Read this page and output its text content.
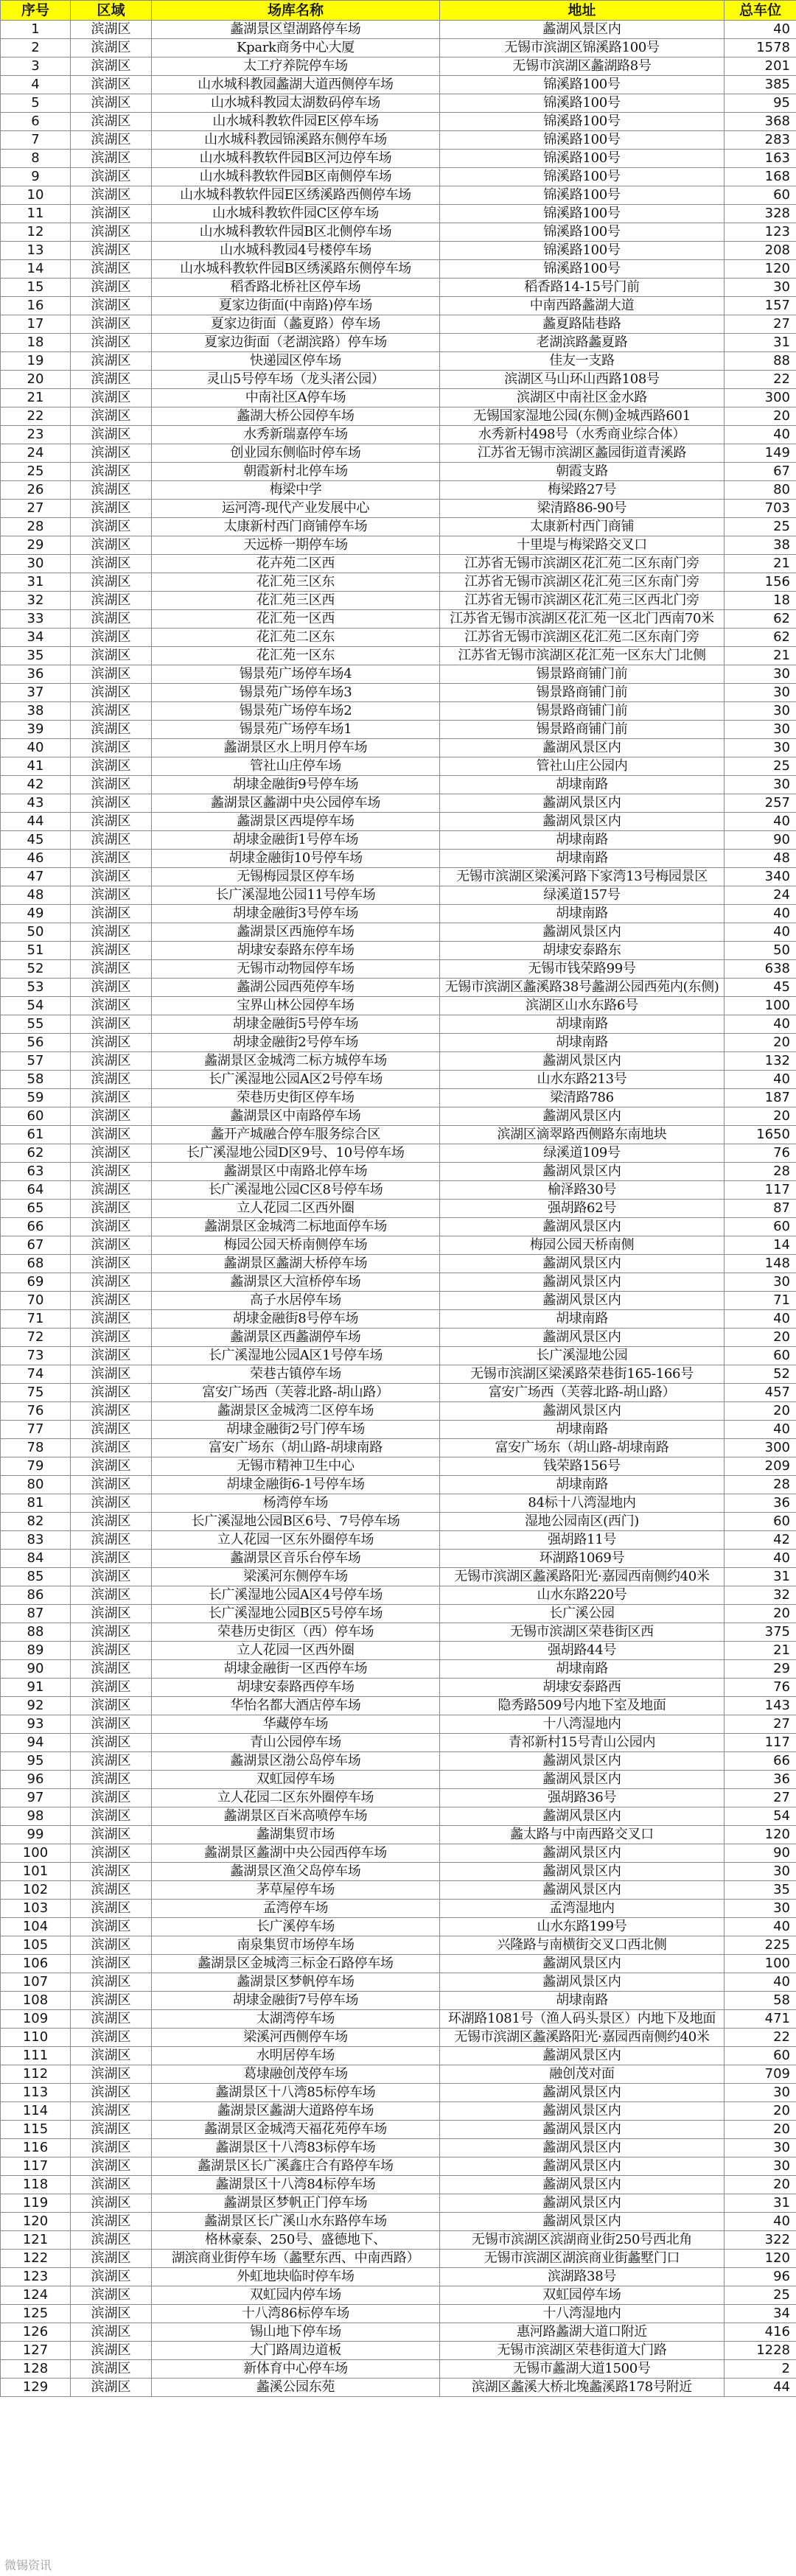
序号	区域	场库名称	地址	总车位
1	滨湖区	蠡湖景区望湖路停车场	蠡湖风景区内	40
2	滨湖区	Kpark商务中心大厦	无锡市滨湖区锦溪路100号	1578
3	滨湖区	太工疗养院停车场	无锡市滨湖区蠡湖路8号	201
4	滨湖区	山水城科教园蠡湖大道西侧停车场	锦溪路100号	385
5	滨湖区	山水城科教园太湖数码停车场	锦溪路100号	95
6	滨湖区	山水城科教软件园E区停车场	锦溪路100号	368
7	滨湖区	山水城科教园锦溪路东侧停车场	锦溪路100号	283
8	滨湖区	山水城科教软件园B区河边停车场	锦溪路100号	163
9	滨湖区	山水城科教软件园B区南侧停车场	锦溪路100号	168
10	滨湖区	山水城科教软件园E区绣溪路西侧停车场	锦溪路100号	60
11	滨湖区	山水城科教软件园C区停车场	锦溪路100号	328
12	滨湖区	山水城科教软件园B区北侧停车场	锦溪路100号	123
13	滨湖区	山水城科教园4号楼停车场	锦溪路100号	208
14	滨湖区	山水城科教软件园B区绣溪路东侧停车场	锦溪路100号	120
15	滨湖区	稻香路北桥社区停车场	稻香路14-15号门前	30
16	滨湖区	夏家边街面(中南路)停车场	中南西路蠡湖大道	157
17	滨湖区	夏家边街面（蠡夏路）停车场	蠡夏路陆巷路	27
18	滨湖区	夏家边街面（老湖滨路）停车场	老湖滨路蠡夏路	31
19	滨湖区	快递园区停车场	佳友一支路	88
20	滨湖区	灵山5号停车场（龙头渚公园）	滨湖区马山环山西路108号	22
21	滨湖区	中南社区A停车场	滨湖区中南社区金水路	300
22	滨湖区	蠡湖大桥公园停车场	无锡国家湿地公园(东侧)金城西路601	20
23	滨湖区	水秀新瑞嘉停车场	水秀新村498号（水秀商业综合体）	40
24	滨湖区	创业园东侧临时停车场	江苏省无锡市滨湖区蠡园街道青溪路	149
25	滨湖区	朝霞新村北停车场	朝霞支路	67
26	滨湖区	梅梁中学	梅梁路27号	80
27	滨湖区	运河湾-现代产业发展中心	梁清路86-90号	703
28	滨湖区	太康新村西门商铺停车场	太康新村西门商铺	25
29	滨湖区	天远桥一期停车场	十里堤与梅梁路交叉口	38
30	滨湖区	花卉苑二区西	江苏省无锡市滨湖区花汇苑二区东南门旁	21
31	滨湖区	花汇苑三区东	江苏省无锡市滨湖区花汇苑三区东南门旁	156
32	滨湖区	花汇苑三区西	江苏省无锡市滨湖区花汇苑三区西北门旁	18
33	滨湖区	花汇苑一区西	江苏省无锡市滨湖区花汇苑一区北门西南70米	62
34	滨湖区	花汇苑二区东	江苏省无锡市滨湖区花汇苑二区东南门旁	62
35	滨湖区	花汇苑一区东	江苏省无锡市滨湖区花汇苑一区东大门北侧	21
36	滨湖区	锡景苑广场停车场4	锡景路商铺门前	30
37	滨湖区	锡景苑广场停车场3	锡景路商铺门前	30
38	滨湖区	锡景苑广场停车场2	锡景路商铺门前	30
39	滨湖区	锡景苑广场停车场1	锡景路商铺门前	30
40	滨湖区	蠡湖景区水上明月停车场	蠡湖风景区内	30
41	滨湖区	管社山庄停车场	管社山庄公园内	25
42	滨湖区	胡埭金融街9号停车场	胡埭南路	30
43	滨湖区	蠡湖景区蠡湖中央公园停车场	蠡湖风景区内	257
44	滨湖区	蠡湖景区西堤停车场	蠡湖风景区内	40
45	滨湖区	胡埭金融街1号停车场	胡埭南路	90
46	滨湖区	胡埭金融街10号停车场	胡埭南路	48
47	滨湖区	无锡梅园景区停车场	无锡市滨湖区梁溪河路下家湾13号梅园景区	340
48	滨湖区	长广溪湿地公园11号停车场	绿溪道157号	24
49	滨湖区	胡埭金融街3号停车场	胡埭南路	40
50	滨湖区	蠡湖景区西施停车场	蠡湖风景区内	40
51	滨湖区	胡埭安泰路东停车场	胡埭安泰路东	50
52	滨湖区	无锡市动物园停车场	无锡市钱荣路99号	638
53	滨湖区	蠡湖公园西苑停车场	无锡市滨湖区蠡溪路38号蠡湖公园西苑内(东侧)	45
54	滨湖区	宝界山林公园停车场	滨湖区山水东路6号	100
55	滨湖区	胡埭金融街5号停车场	胡埭南路	40
56	滨湖区	胡埭金融街2号停车场	胡埭南路	20
57	滨湖区	蠡湖景区金城湾二标方城停车场	蠡湖风景区内	132
58	滨湖区	长广溪湿地公园A区2号停车场	山水东路213号	40
59	滨湖区	荣巷历史街区停车场	梁清路786	187
60	滨湖区	蠡湖景区中南路停车场	蠡湖风景区内	20
61	滨湖区	蠡开产城融合停车服务综合区	滨湖区滴翠路西侧路东南地块	1650
62	滨湖区	长广溪湿地公园D区9号、10号停车场	绿溪道109号	76
63	滨湖区	蠡湖景区中南路北停车场	蠡湖风景区内	28
64	滨湖区	长广溪湿地公园C区8号停车场	榆泽路30号	117
65	滨湖区	立人花园二区西外圈	强胡路62号	87
66	滨湖区	蠡湖景区金城湾二标地面停车场	蠡湖风景区内	60
67	滨湖区	梅园公园天桥南侧停车场	梅园公园天桥南侧	14
68	滨湖区	蠡湖景区蠡湖大桥停车场	蠡湖风景区内	148
69	滨湖区	蠡湖景区大渲桥停车场	蠡湖风景区内	30
70	滨湖区	高子水居停车场	蠡湖风景区内	71
71	滨湖区	胡埭金融街8号停车场	胡埭南路	40
72	滨湖区	蠡湖景区西蠡湖停车场	蠡湖风景区内	20
73	滨湖区	长广溪湿地公园A区1号停车场	长广溪湿地公园	60
74	滨湖区	荣巷古镇停车场	无锡市滨湖区梁溪路荣巷街165-166号	52
75	滨湖区	富安广场西（芙蓉北路-胡山路）	富安广场西（芙蓉北路-胡山路）	457
76	滨湖区	蠡湖景区金城湾二区停车场	蠡湖风景区内	20
77	滨湖区	胡埭金融街2号门停车场	胡埭南路	40
78	滨湖区	富安广场东（胡山路-胡埭南路	富安广场东（胡山路-胡埭南路	300
79	滨湖区	无锡市精神卫生中心	钱荣路156号	209
80	滨湖区	胡埭金融街6-1号停车场	胡埭南路	28
81	滨湖区	杨湾停车场	84标十八湾湿地内	36
82	滨湖区	长广溪湿地公园B区6号、7号停车场	湿地公园南区(西门)	60
83	滨湖区	立人花园一区东外圈停车场	强胡路11号	42
84	滨湖区	蠡湖景区音乐台停车场	环湖路1069号	40
85	滨湖区	梁溪河东侧停车场	无锡市滨湖区蠡溪路阳光·嘉园西南侧约40米	31
86	滨湖区	长广溪湿地公园A区4号停车场	山水东路220号	32
87	滨湖区	长广溪湿地公园B区5号停车场	长广溪公园	20
88	滨湖区	荣巷历史街区（西）停车场	无锡市滨湖区荣巷街区西	375
89	滨湖区	立人花园一区西外圈	强胡路44号	21
90	滨湖区	胡埭金融街一区西停车场	胡埭南路	29
91	滨湖区	胡埭安泰路西停车场	胡埭安泰路西	76
92	滨湖区	华怡名都大酒店停车场	隐秀路509号内地下室及地面	143
93	滨湖区	华藏停车场	十八湾湿地内	27
94	滨湖区	青山公园停车场	青祁新村15号青山公园内	117
95	滨湖区	蠡湖景区渤公岛停车场	蠡湖风景区内	66
96	滨湖区	双虹园停车场	蠡湖风景区内	36
97	滨湖区	立人花园二区东外圈停车场	强胡路36号	27
98	滨湖区	蠡湖景区百米高喷停车场	蠡湖风景区内	54
99	滨湖区	蠡湖集贸市场	蠡太路与中南西路交叉口	120
100	滨湖区	蠡湖景区蠡湖中央公园西停车场	蠡湖风景区内	90
101	滨湖区	蠡湖景区渔父岛停车场	蠡湖风景区内	30
102	滨湖区	茅草屋停车场	蠡湖风景区内	35
103	滨湖区	孟湾停车场	孟湾湿地内	30
104	滨湖区	长广溪停车场	山水东路199号	40
105	滨湖区	南泉集贸市场停车场	兴隆路与南横街交叉口西北侧	225
106	滨湖区	蠡湖景区金城湾三标金石路停车场	蠡湖风景区内	100
107	滨湖区	蠡湖景区梦帆停车场	蠡湖风景区内	40
108	滨湖区	胡埭金融街7号停车场	胡埭南路	58
109	滨湖区	太湖湾停车场	环湖路1081号（渔人码头景区）内地下及地面	471
110	滨湖区	梁溪河西侧停车场	无锡市滨湖区蠡溪路阳光·嘉园西南侧约40米	22
111	滨湖区	水明居停车场	蠡湖风景区内	60
112	滨湖区	葛埭融创茂停车场	融创茂对面	709
113	滨湖区	蠡湖景区十八湾85标停车场	蠡湖风景区内	30
114	滨湖区	蠡湖景区蠡湖大道路停车场	蠡湖风景区内	20
115	滨湖区	蠡湖景区金城湾天福花苑停车场	蠡湖风景区内	20
116	滨湖区	蠡湖景区十八湾83标停车场	蠡湖风景区内	30
117	滨湖区	蠡湖景区长广溪鑫庄合有路停车场	蠡湖风景区内	30
118	滨湖区	蠡湖景区十八湾84标停车场	蠡湖风景区内	20
119	滨湖区	蠡湖景区梦帆正门停车场	蠡湖风景区内	31
120	滨湖区	蠡湖景区长广溪山水东路停车场	蠡湖风景区内	40
121	滨湖区	格林豪泰、250号、盛德地下、	无锡市滨湖区滨湖商业街250号西北角	322
122	滨湖区	湖滨商业街停车场（蠡墅东西、中南西路）	无锡市滨湖区湖滨商业街蠡墅门口	120
123	滨湖区	外虹地块临时停车场	滨湖路38号	96
124	滨湖区	双虹园内停车场	双虹园停车场	25
125	滨湖区	十八湾86标停车场	十八湾湿地内	34
126	滨湖区	锡山地下停车场	惠河路蠡湖大道口附近	416
127	滨湖区	大门路周边道板	无锡市滨湖区荣巷街道大门路	1228
128	滨湖区	新体育中心停车场	无锡市蠡湖大道1500号	2
129	滨湖区	蠡溪公园东苑	滨湖区蠡溪大桥北堍蠡溪路178号附近	44
微锡资讯
